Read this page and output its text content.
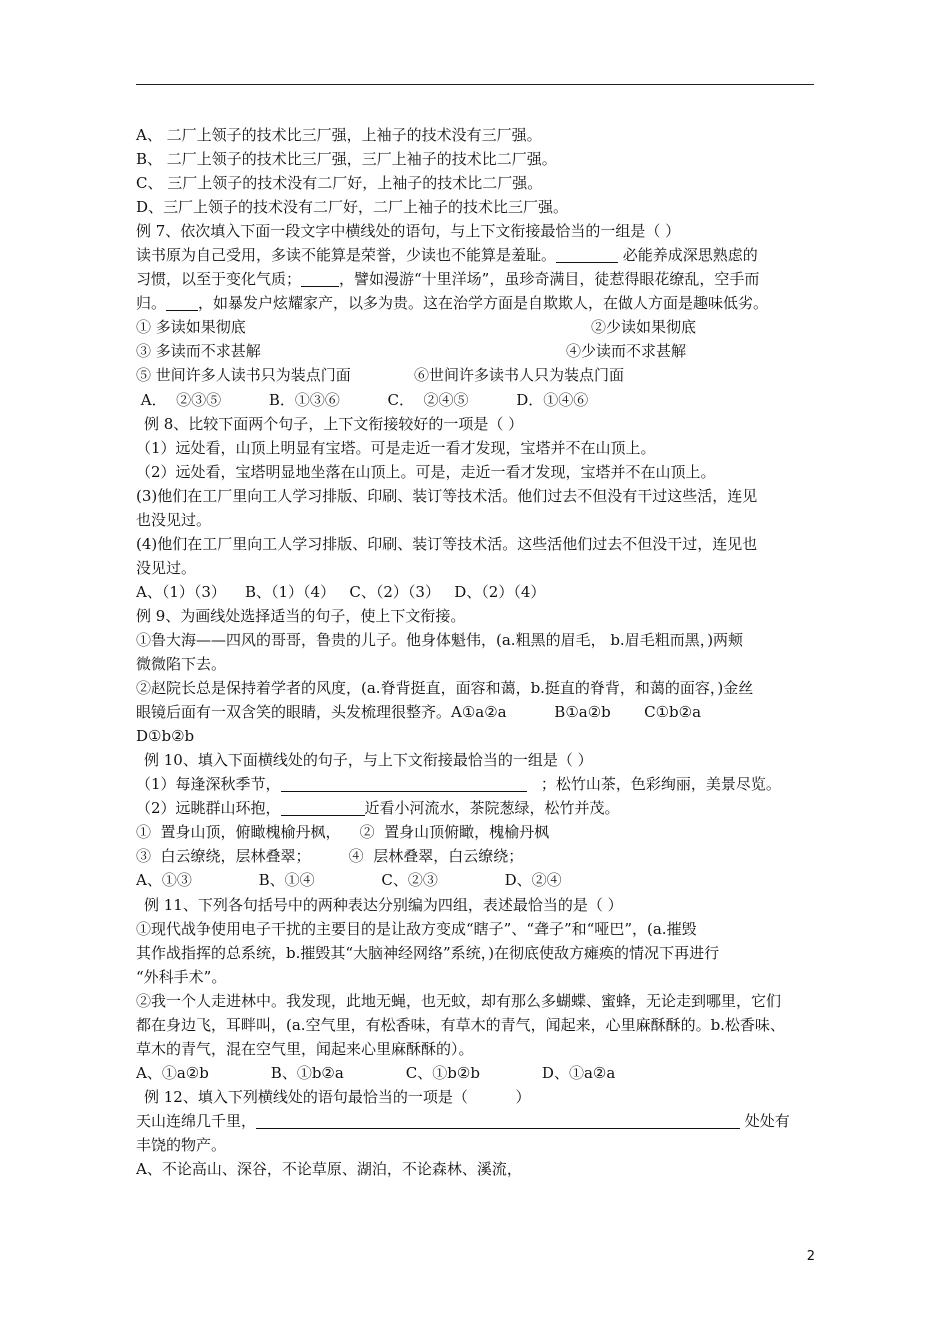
A、 二厂上领子的技术比三厂强，上袖子的技术没有三厂强。
B、 二厂上领子的技术比三厂强，三厂上袖子的技术比二厂强。
C、 三厂上领子的技术没有二厂好，上袖子的技术比二厂强。
D、三厂上领子的技术没有二厂好，二厂上袖子的技术比三厂强。
例 7、依次填入下面一段文字中横线处的语句，与上下文衔接最恰当的一组是（ ）
读书原为自己受用，多读不能算是荣誉，少读也不能算是羞耻。	必能养成深思熟虑的
习惯，以至于变化气质；	，譬如漫游“十里洋场”，虽珍奇满目，徒惹得眼花缭乱，空手而
归。 ，如暴发户炫耀家产，以多为贵。这在治学方面是自欺欺人，在做人方面是趣味低劣。
① 多读如果彻底	②少读如果彻底
③ 多读而不求甚解	④少读而不求甚解
⑤ 世间许多人读书只为装点门面	⑥世间许多读书人只为装点门面
A．  ②③⑤          B．①③⑥          C．  ②④⑤          D．①④⑥
例 8、比较下面两个句子，上下文衔接较好的一项是（ ）
（1）远处看，山顶上明显有宝塔。可是走近一看才发现，宝塔并不在山顶上。
（2）远处看，宝塔明显地坐落在山顶上。可是，走近一看才发现，宝塔并不在山顶上。
(3)他们在工厂里向工人学习排版、印刷、装订等技术活。他们过去不但没有干过这些活，连见
也没见过。
(4)他们在工厂里向工人学习排版、印刷、装订等技术活。这些活他们过去不但没干过，连见也
没见过。
A、（1）（3）    B、（1）（4）   C、（2）（3）   D、（2）（4）
例 9、为画线处选择适当的句子，使上下文衔接。
①鲁大海——四风的哥哥，鲁贵的儿子。他身体魁伟，(a.粗黑的眉毛， b.眉毛粗而黑，)两颊
微微陷下去。
②赵院长总是保持着学者的风度，(a.脊背挺直，面容和蔼，b.挺直的脊背，和蔼的面容，)金丝
眼镜后面有一双含笑的眼睛，头发梳理很整齐。A①a②a          B①a②b       C①b②a
D①b②b
例 10、填入下面横线处的句子，与上下文衔接最恰当的一组是（ ）
（1）每逢深秋季节，	；松竹山茶，色彩绚丽，美景尽览。
（2）远眺群山环抱，	近看小河流水，茶院葱绿，松竹并茂。
①  置身山顶，俯瞰槐榆丹枫，    ②  置身山顶俯瞰，槐榆丹枫
③  白云缭绕，层林叠翠；        ④  层林叠翠，白云缭绕；
A、①③              B、①④              C、②③              D、②④
例 11、下列各句括号中的两种表达分别编为四组，表述最恰当的是（ ）
①现代战争使用电子干扰的主要目的是让敌方变成“瞎子”、“聋子”和“哑巴”，(a.摧毁
其作战指挥的总系统，b.摧毁其“大脑神经网络”系统，)在彻底使敌方瘫痪的情况下再进行
“外科手术”。
②我一个人走进林中。我发现，此地无蝇，也无蚊，却有那么多蝴蝶、蜜蜂，无论走到哪里，它们
都在身边飞，耳畔叫，(a.空气里，有松香味，有草木的青气，闻起来，心里麻酥酥的。b.松香味、
草木的青气，混在空气里，闻起来心里麻酥酥的）。
A、①a②b             B、①b②a             C、①b②b             D、①a②a
例 12、填入下列横线处的语句最恰当的一项是（          ）
天山连绵几千里，	处处有
丰饶的物产。
A、不论高山、深谷，不论草原、湖泊，不论森林、溪流，
2
